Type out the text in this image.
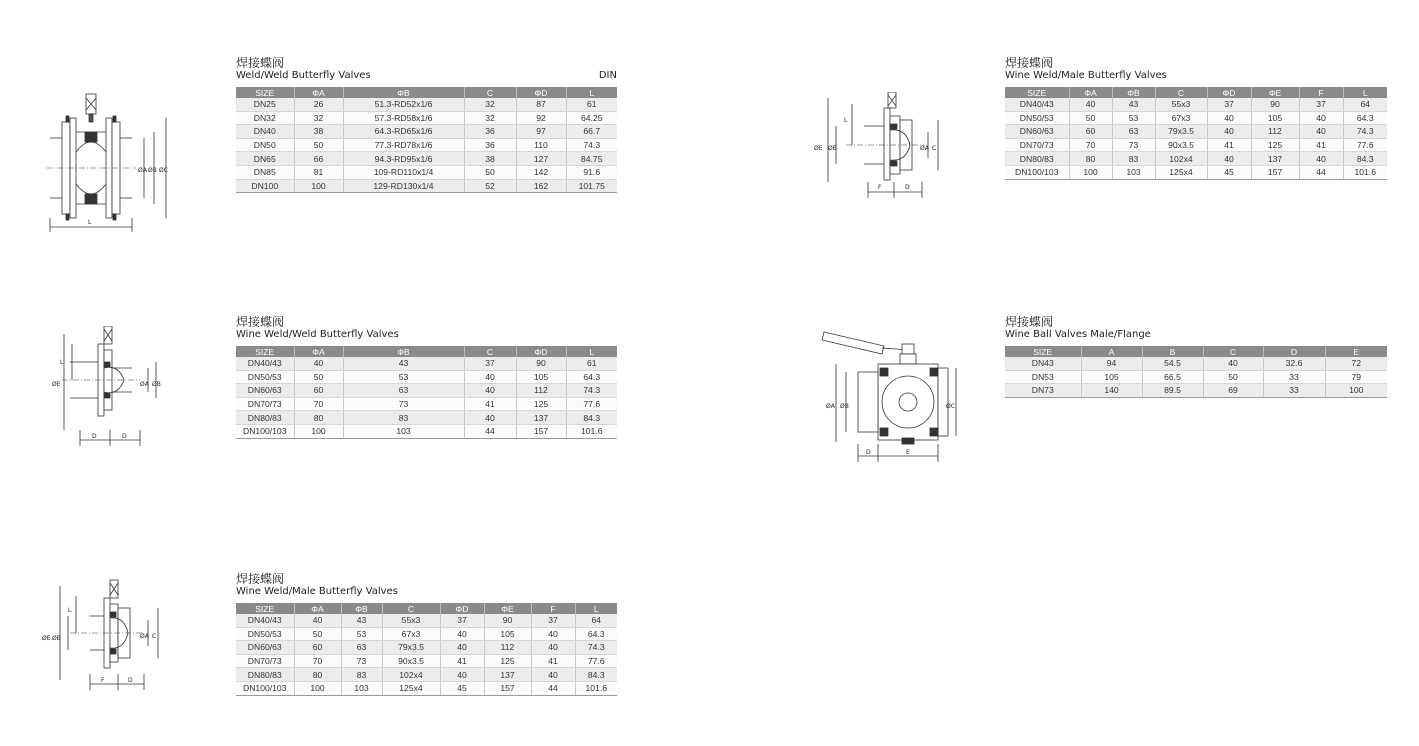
ØA ØB ØC
L
焊接蝶阀
Weld/Weld Butterfly Valves	DIN
SIZE	ΦA	ΦB	C	ΦD	L
DN25	26	51.3-RD52x1/6	32	87	61
DN32	32	57.3-RD58x1/6	32	92	64.25
DN40	38	64.3-RD65x1/6	36	97	66.7
DN50	50	77.3-RD78x1/6	36	110	74.3
DN65	66	94.3-RD95x1/6	38	127	84.75
DN85	81	109-RD110x1/4	50	142	91.6
DN100	100	129-RD130x1/4	52	162	101.75
ØE
L
ØA ØB
D	D
焊接蝶阀
Wine Weld/Weld Butterfly Valves
SIZE	ΦA	ΦB	C	ΦD	L
DN40/43	40	43	37	90	61
DN50/53	50	53	40	105	64.3
DN60/63	60	63	40	112	74.3
DN70/73	70	73	41	125	77.6
DN80/83	80	83	40	137	84.3
DN100/103	100	103	44	157	101.6
ØE ØB
L
ØA C
F	D
焊接蝶阀
Wine Weld/Male Butterfly Valves
SIZE	ΦA	ΦB	C	ΦD	ΦE	F	L
DN40/43	40	43	55x3	37	90	37	64
DN50/53	50	53	67x3	40	105	40	64.3
DN60/63	60	63	79x3.5	40	112	40	74.3
DN70/73	70	73	90x3.5	41	125	41	77.6
DN80/83	80	83	102x4	40	137	40	84.3
DN100/103	100	103	125x4	45	157	44	101.6
ØE ØB
L
ØA C
F	D
焊接蝶阀
Wine Weld/Male Butterfly Valves
SIZE	ΦA	ΦB	C	ΦD	ΦE	F	L
DN40/43	40	43	55x3	37	90	37	64
DN50/53	50	53	67x3	40	105	40	64.3
DN60/63	60	63	79x3.5	40	112	40	74.3
DN70/73	70	73	90x3.5	41	125	41	77.6
DN80/83	80	83	102x4	40	137	40	84.3
DN100/103	100	103	125x4	45	157	44	101.6
ØA ØB	ØC
D	E
焊接蝶阀
Wine Ball Valves Male/Flange
SIZE	A	B	C	D	E
DN43	94	54.5	40	32.6	72
DN53	105	66.5	50	33	79
DN73	140	89.5	69	33	100
